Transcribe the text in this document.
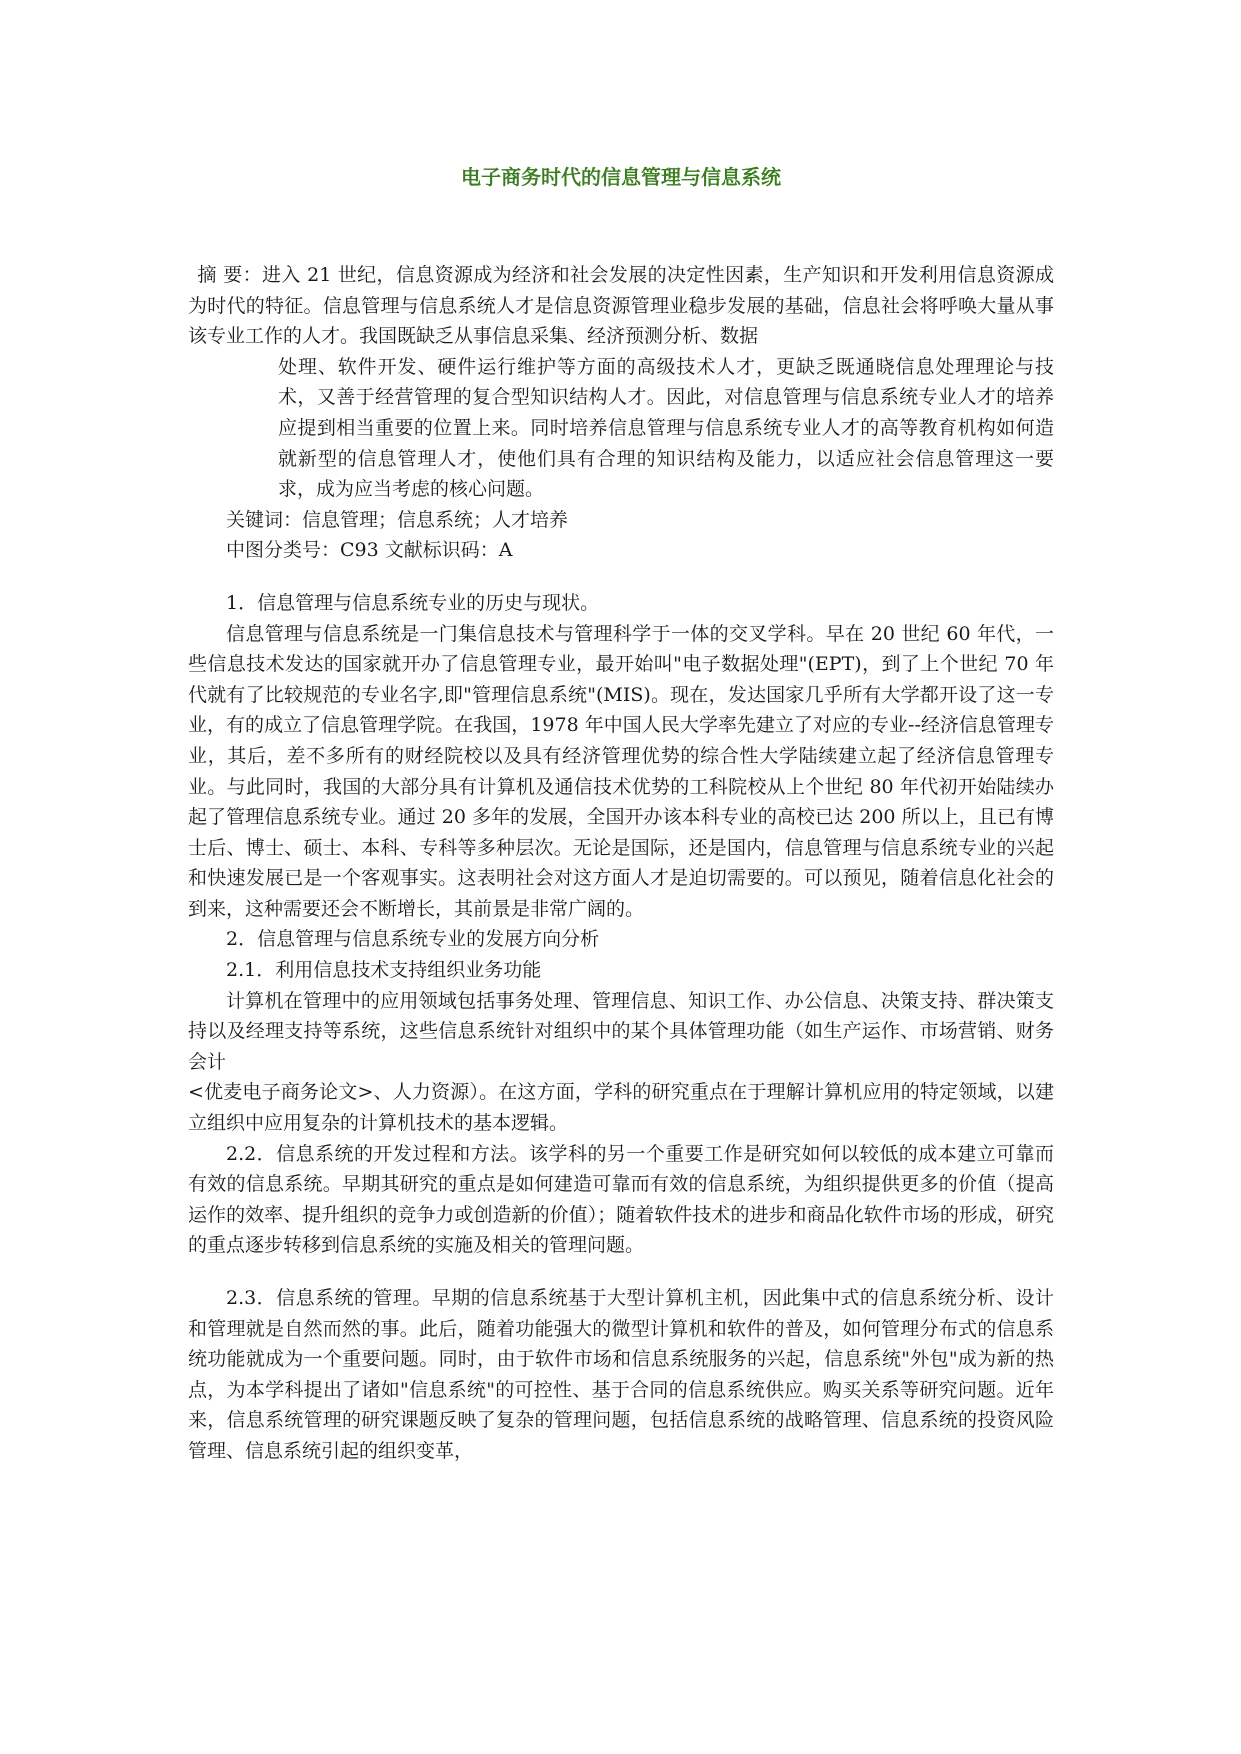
电子商务时代的信息管理与信息系统

摘 要：进入 21 世纪，信息资源成为经济和社会发展的决定性因素，生产知识和开发利用信息资源成为时代的特征。信息管理与信息系统人才是信息资源管理业稳步发展的基础，信息社会将呼唤大量从事该专业工作的人才。我国既缺乏从事信息采集、经济预测分析、数据

处理、软件开发、硬件运行维护等方面的高级技术人才，更缺乏既通晓信息处理理论与技术，又善于经营管理的复合型知识结构人才。因此，对信息管理与信息系统专业人才的培养应提到相当重要的位置上来。同时培养信息管理与信息系统专业人才的高等教育机构如何造就新型的信息管理人才，使他们具有合理的知识结构及能力，以适应社会信息管理这一要求，成为应当考虑的核心问题。

关键词：信息管理；信息系统；人才培养

中图分类号：C93 文献标识码：A

1．信息管理与信息系统专业的历史与现状。

信息管理与信息系统是一门集信息技术与管理科学于一体的交叉学科。早在 20 世纪 60 年代，一些信息技术发达的国家就开办了信息管理专业，最开始叫"电子数据处理"(EPT)，到了上个世纪 70 年代就有了比较规范的专业名字,即"管理信息系统"(MIS)。现在，发达国家几乎所有大学都开设了这一专业，有的成立了信息管理学院。在我国，1978 年中国人民大学率先建立了对应的专业--经济信息管理专业，其后，差不多所有的财经院校以及具有经济管理优势的综合性大学陆续建立起了经济信息管理专业。与此同时，我国的大部分具有计算机及通信技术优势的工科院校从上个世纪 80 年代初开始陆续办起了管理信息系统专业。通过 20 多年的发展，全国开办该本科专业的高校已达 200 所以上，且已有博士后、博士、硕士、本科、专科等多种层次。无论是国际，还是国内，信息管理与信息系统专业的兴起和快速发展已是一个客观事实。这表明社会对这方面人才是迫切需要的。可以预见，随着信息化社会的到来，这种需要还会不断增长，其前景是非常广阔的。

2．信息管理与信息系统专业的发展方向分析

2.1．利用信息技术支持组织业务功能

计算机在管理中的应用领域包括事务处理、管理信息、知识工作、办公信息、决策支持、群决策支持以及经理支持等系统，这些信息系统针对组织中的某个具体管理功能（如生产运作、市场营销、财务会计

<优麦电子商务论文>、人力资源）。在这方面，学科的研究重点在于理解计算机应用的特定领域，以建立组织中应用复杂的计算机技术的基本逻辑。

2.2．信息系统的开发过程和方法。该学科的另一个重要工作是研究如何以较低的成本建立可靠而有效的信息系统。早期其研究的重点是如何建造可靠而有效的信息系统，为组织提供更多的价值（提高运作的效率、提升组织的竞争力或创造新的价值）；随着软件技术的进步和商品化软件市场的形成，研究的重点逐步转移到信息系统的实施及相关的管理问题。

2.3．信息系统的管理。早期的信息系统基于大型计算机主机，因此集中式的信息系统分析、设计和管理就是自然而然的事。此后，随着功能强大的微型计算机和软件的普及，如何管理分布式的信息系统功能就成为一个重要问题。同时，由于软件市场和信息系统服务的兴起，信息系统"外包"成为新的热点，为本学科提出了诸如"信息系统"的可控性、基于合同的信息系统供应。购买关系等研究问题。近年来，信息系统管理的研究课题反映了复杂的管理问题，包括信息系统的战略管理、信息系统的投资风险管理、信息系统引起的组织变革，
